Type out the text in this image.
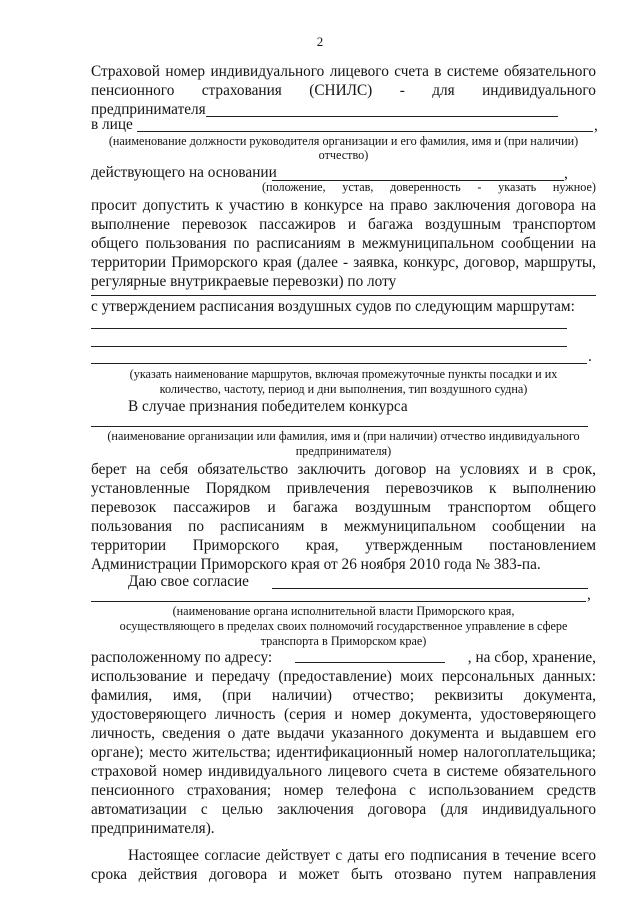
2
Страховой номер индивидуального лицевого счета в системе обязательного
пенсионного страхования (СНИЛС) - для индивидуального
предпринимателя
в лице	,
(наименование должности руководителя организации и его фамилия, имя и (при наличии)
отчество)
действующего на основании	,
(положение, устав, доверенность - указать нужное)
просит допустить к участию в конкурсе на право заключения договора на
выполнение перевозок пассажиров и багажа воздушным транспортом
общего пользования по расписаниям в межмуниципальном сообщении на
территории Приморского края (далее - заявка, конкурс, договор, маршруты,
регулярные внутрикраевые перевозки) по лоту
с утверждением расписания воздушных судов по следующим маршрутам:
.
(указать наименование маршрутов, включая промежуточные пункты посадки и их
количество, частоту, период и дни выполнения, тип воздушного судна)
В случае признания победителем конкурса
(наименование организации или фамилия, имя и (при наличии) отчество индивидуального
предпринимателя)
берет на себя обязательство заключить договор на условиях и в срок,
установленные Порядком привлечения перевозчиков к выполнению
перевозок пассажиров и багажа воздушным транспортом общего
пользования по расписаниям в межмуниципальном сообщении на
территории Приморского края, утвержденным постановлением
Администрации Приморского края от 26 ноября 2010 года № 383-па.
Даю свое согласие
,
(наименование органа исполнительной власти Приморского края,
осуществляющего в пределах своих полномочий государственное управление в сфере
транспорта в Приморском крае)
расположенному по адресу:	, на сбор, хранение,
использование и передачу (предоставление) моих персональных данных:
фамилия, имя, (при наличии) отчество; реквизиты документа,
удостоверяющего личность (серия и номер документа, удостоверяющего
личность, сведения о дате выдачи указанного документа и выдавшем его
органе); место жительства; идентификационный номер налогоплательщика;
страховой номер индивидуального лицевого счета в системе обязательного
пенсионного страхования; номер телефона с использованием средств
автоматизации с целью заключения договора (для индивидуального
предпринимателя).
Настоящее согласие действует с даты его подписания в течение всего
срока действия договора и может быть отозвано путем направления
